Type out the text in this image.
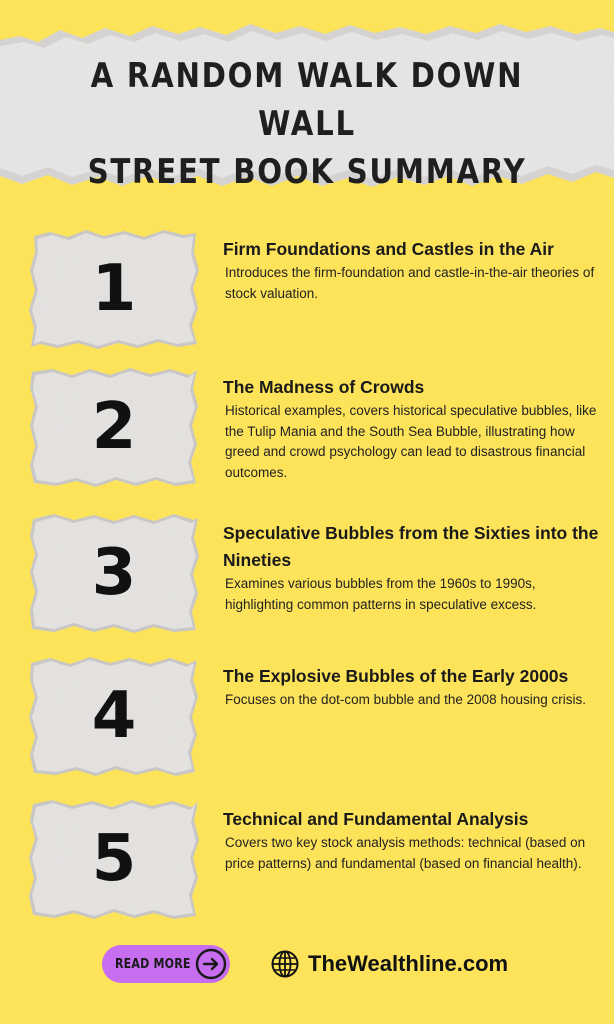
A RANDOM WALK DOWN WALL
STREET BOOK SUMMARY
1

Firm Foundations and Castles in the Air

Introduces the firm-foundation and castle-in-the-air theories of stock valuation.

2

The Madness of Crowds

Historical examples, covers historical speculative bubbles, like the Tulip Mania and the South Sea Bubble, illustrating how greed and crowd psychology can lead to disastrous financial outcomes.

3

Speculative Bubbles from the Sixties into the Nineties

Examines various bubbles from the 1960s to 1990s, highlighting common patterns in speculative excess.

4

The Explosive Bubbles of the Early 2000s

Focuses on the dot-com bubble and the 2008 housing crisis.

5

Technical and Fundamental Analysis

Covers two key stock analysis methods: technical (based on price patterns) and fundamental (based on financial health).

READ MORE	TheWealthline.com
